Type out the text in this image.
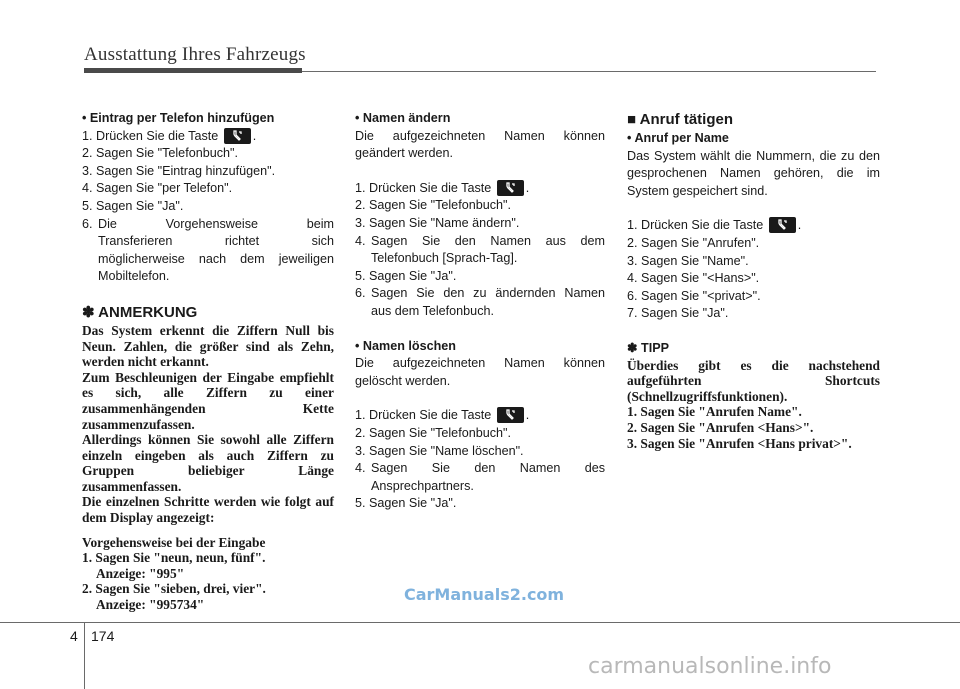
Ausstattung Ihres Fahrzeugs

• Eintrag per Telefon hinzufügen

1. Drücken Sie die Taste	.

2. Sagen Sie "Telefonbuch".

3. Sagen Sie "Eintrag hinzufügen".

4. Sagen Sie "per Telefon".

5. Sagen Sie "Ja".

6. Die Vorgehensweise beim
Transferieren richtet sich
möglicherweise nach dem jeweiligen
Mobiltelefon.

✽ ANMERKUNG

Das System erkennt die Ziffern Null bis Neun. Zahlen, die größer sind als Zehn, werden nicht erkannt.

Zum Beschleunigen der Eingabe empfiehlt es sich, alle Ziffern zu einer zusammenhängenden Kette zusammenzufassen.

Allerdings können Sie sowohl alle Ziffern einzeln eingeben als auch Ziffern zu Gruppen beliebiger Länge zusammenfassen.

Die einzelnen Schritte werden wie folgt auf dem Display angezeigt:

Vorgehensweise bei der Eingabe

1. Sagen Sie "neun, neun, fünf".

Anzeige: "995"

2. Sagen Sie "sieben, drei, vier".

Anzeige: "995734"

• Namen ändern

Die aufgezeichneten Namen können geändert werden.

1. Drücken Sie die Taste	.

2. Sagen Sie "Telefonbuch".

3. Sagen Sie "Name ändern".

4. Sagen Sie den Namen aus dem
Telefonbuch [Sprach-Tag].

5. Sagen Sie "Ja".

6. Sagen Sie den zu ändernden Namen
aus dem Telefonbuch.

• Namen löschen

Die aufgezeichneten Namen können gelöscht werden.

1. Drücken Sie die Taste	.

2. Sagen Sie "Telefonbuch".

3. Sagen Sie "Name löschen".

4. Sagen Sie den Namen des
Ansprechpartners.

5. Sagen Sie "Ja".

■ Anruf tätigen

• Anruf per Name

Das System wählt die Nummern, die zu den gesprochenen Namen gehören, die im System gespeichert sind.

1. Drücken Sie die Taste	.

2. Sagen Sie "Anrufen".

3. Sagen Sie "Name".

4. Sagen Sie "<Hans>".

6. Sagen Sie "<privat>".

7. Sagen Sie "Ja".

✽ TIPP

Überdies gibt es die nachstehend aufgeführten Shortcuts (Schnellzugriffsfunktionen).

1. Sagen Sie "Anrufen Name".

2. Sagen Sie "Anrufen <Hans>".

3. Sagen Sie "Anrufen <Hans privat>".

CarManuals2.com
4 174
carmanualsonline.info
